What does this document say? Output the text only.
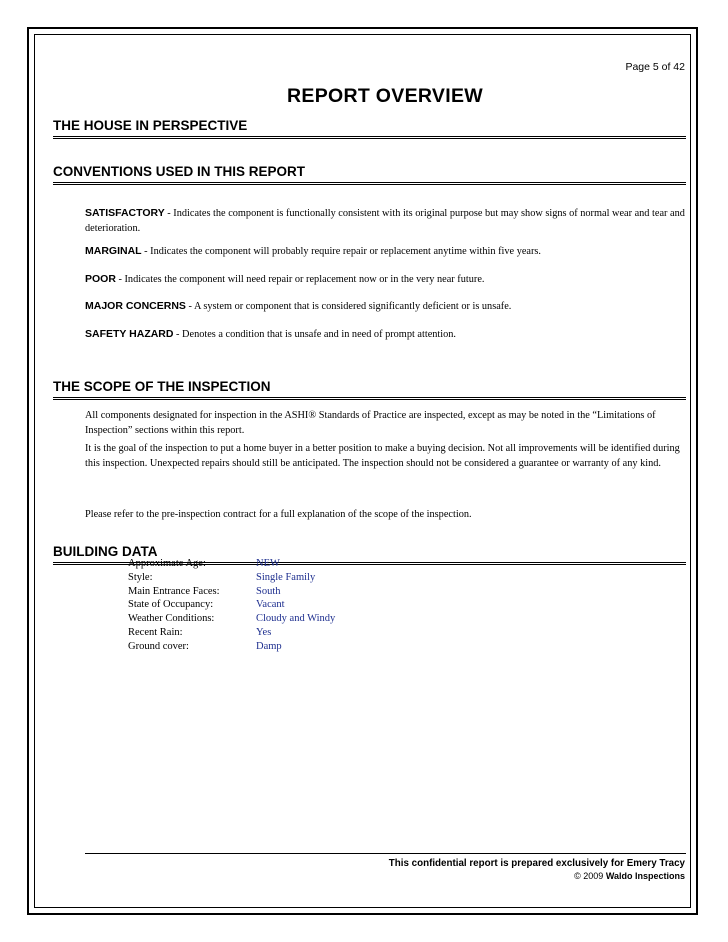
Page 5 of 42
REPORT OVERVIEW
THE HOUSE IN PERSPECTIVE
CONVENTIONS USED IN THIS REPORT
SATISFACTORY - Indicates the component is functionally consistent with its original purpose but may show signs of normal wear and tear and deterioration.
MARGINAL - Indicates the component will probably require repair or replacement anytime within five years.
POOR - Indicates the component will need repair or replacement now or in the very near future.
MAJOR CONCERNS - A system or component that is considered significantly deficient or is unsafe.
SAFETY HAZARD - Denotes a condition that is unsafe and in need of prompt attention.
THE SCOPE OF THE INSPECTION
All components designated for inspection in the ASHI® Standards of Practice are inspected, except as may be noted in the “Limitations of Inspection” sections within this report.
It is the goal of the inspection to put a home buyer in a better position to make a buying decision. Not all improvements will be identified during this inspection. Unexpected repairs should still be anticipated. The inspection should not be considered a guarantee or warranty of any kind.
Please refer to the pre-inspection contract for a full explanation of the scope of the inspection.
BUILDING DATA
Approximate Age:	NEW
Style:	Single Family
Main Entrance Faces:	South
State of Occupancy:	Vacant
Weather Conditions:	Cloudy and Windy
Recent Rain:	Yes
Ground cover:	Damp
This confidential report is prepared exclusively for Emery Tracy
© 2009 Waldo Inspections
